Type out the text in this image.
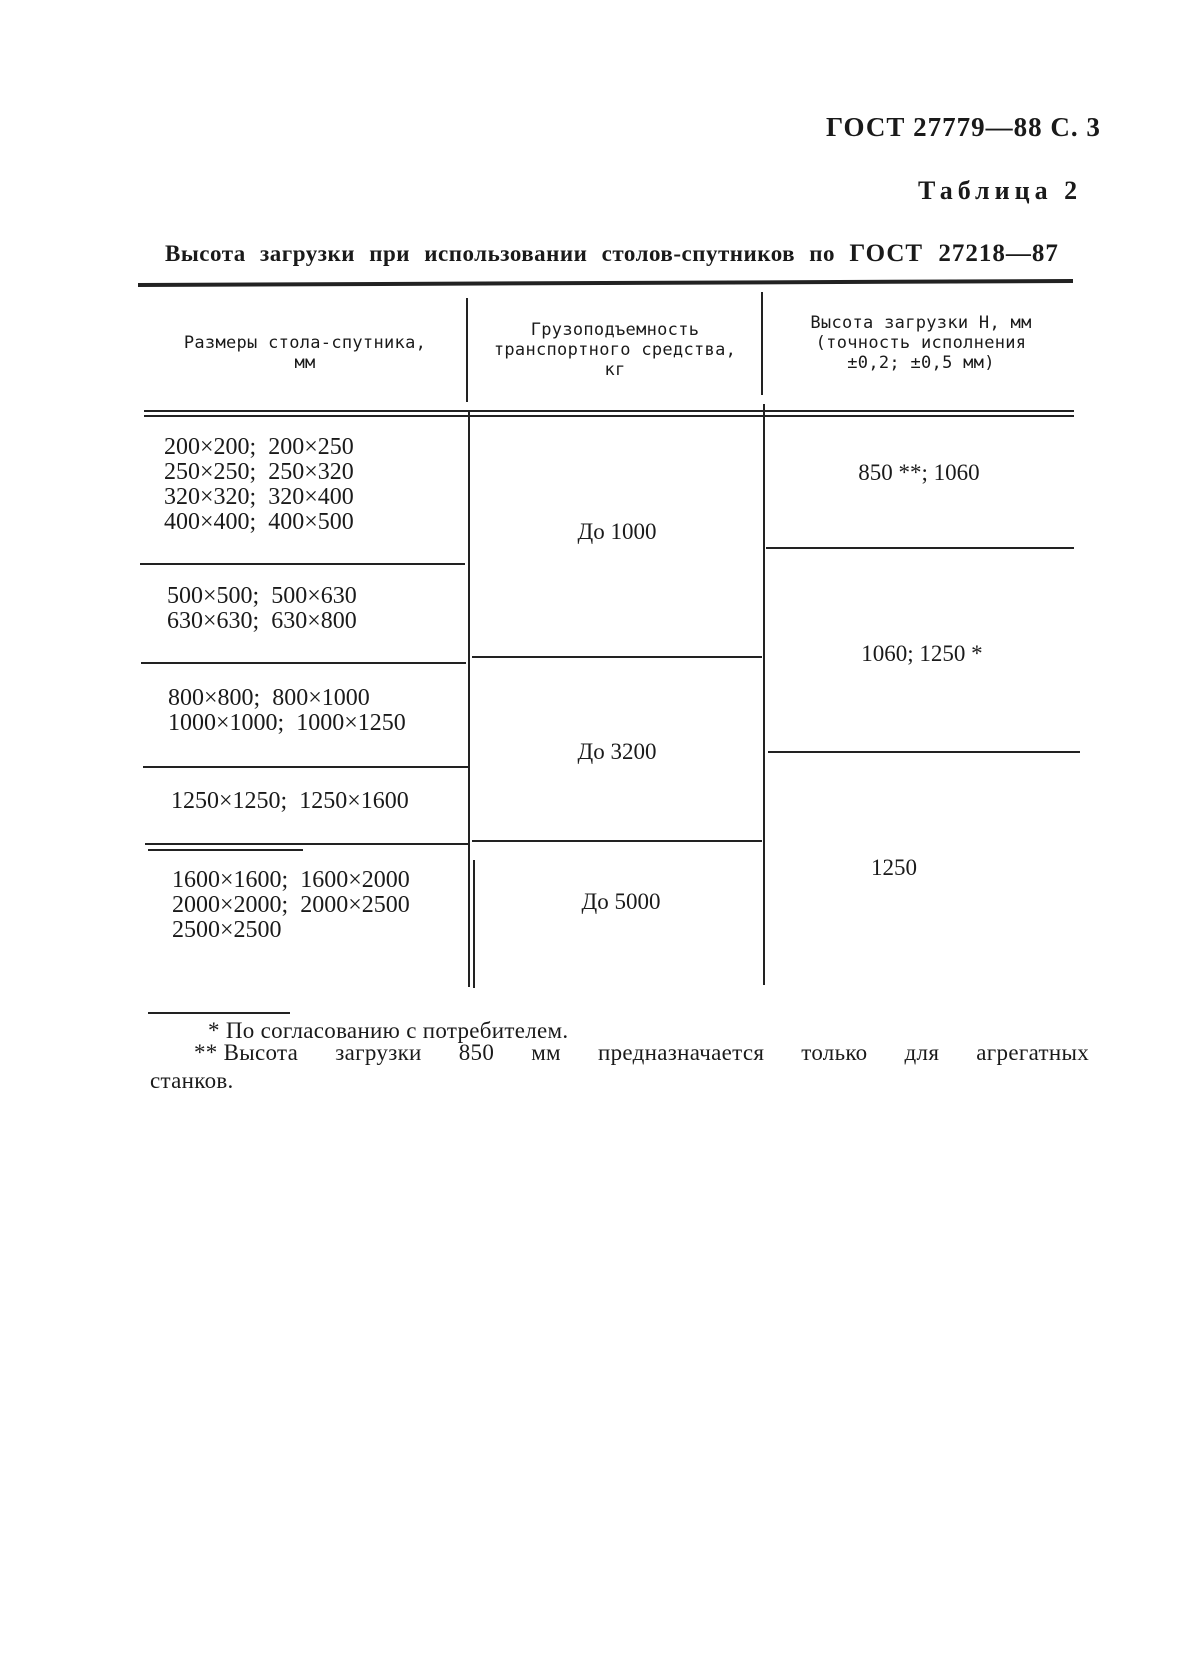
ГОСТ 27779—88 С. 3
Таблица 2
Высота загрузки при использовании столов-спутников по ГОСТ 27218—87
Размеры стола-спутника,
мм
Грузоподъемность
транспортного средства,
кг
Высота загрузки H, мм
(точность исполнения
±0,2; ±0,5 мм)
200×200;  200×250
250×250;  250×320
320×320;  320×400
400×400;  400×500
500×500;  500×630
630×630;  630×800
800×800;  800×1000
1000×1000;  1000×1250
1250×1250;  1250×1600
1600×1600;  1600×2000
2000×2000;  2000×2500
2500×2500
До 1000
До 3200
До 5000
850 **; 1060
1060; 1250 *
1250
* По согласованию с потребителем.
** Высота загрузки 850 мм предназначается только для агрегатных
станков.
